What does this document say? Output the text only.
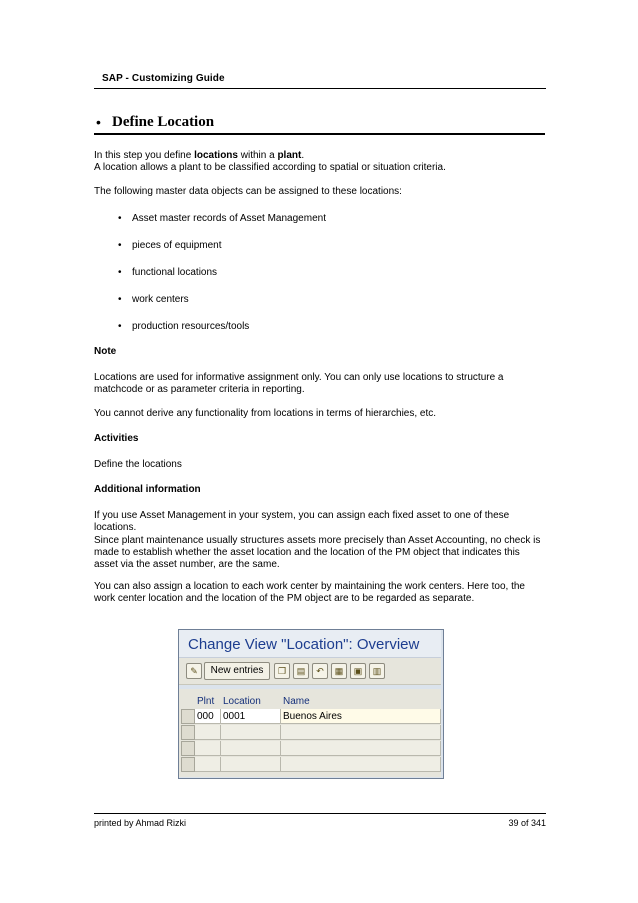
SAP - Customizing Guide
• Define Location
In this step you define locations within a plant.
A location allows a plant to be classified according to spatial or situation criteria.
The following master data objects can be assigned to these locations:
• Asset master records of Asset Management
• pieces of equipment
• functional locations
• work centers
• production resources/tools
Note
Locations are used for informative assignment only. You can only use locations to structure a matchcode or as parameter criteria in reporting.
You cannot derive any functionality from locations in terms of hierarchies, etc.
Activities
Define the locations
Additional information
If you use Asset Management in your system, you can assign each fixed asset to one of these locations.
Since plant maintenance usually structures assets more precisely than Asset Accounting, no check is made to establish whether the asset location and the location of the PM object that indicates this asset via the asset number, are the same.
You can also assign a location to each work center by maintaining the work centers. Here too, the work center location and the location of the PM object are to be regarded as separate.
Change View "Location": Overview
✎	New entries	❐	▤	↶	▦	▣	▥
Plnt Location Name
000 0001	Buenos Aires
printed by Ahmad Rizki	39 of 341
